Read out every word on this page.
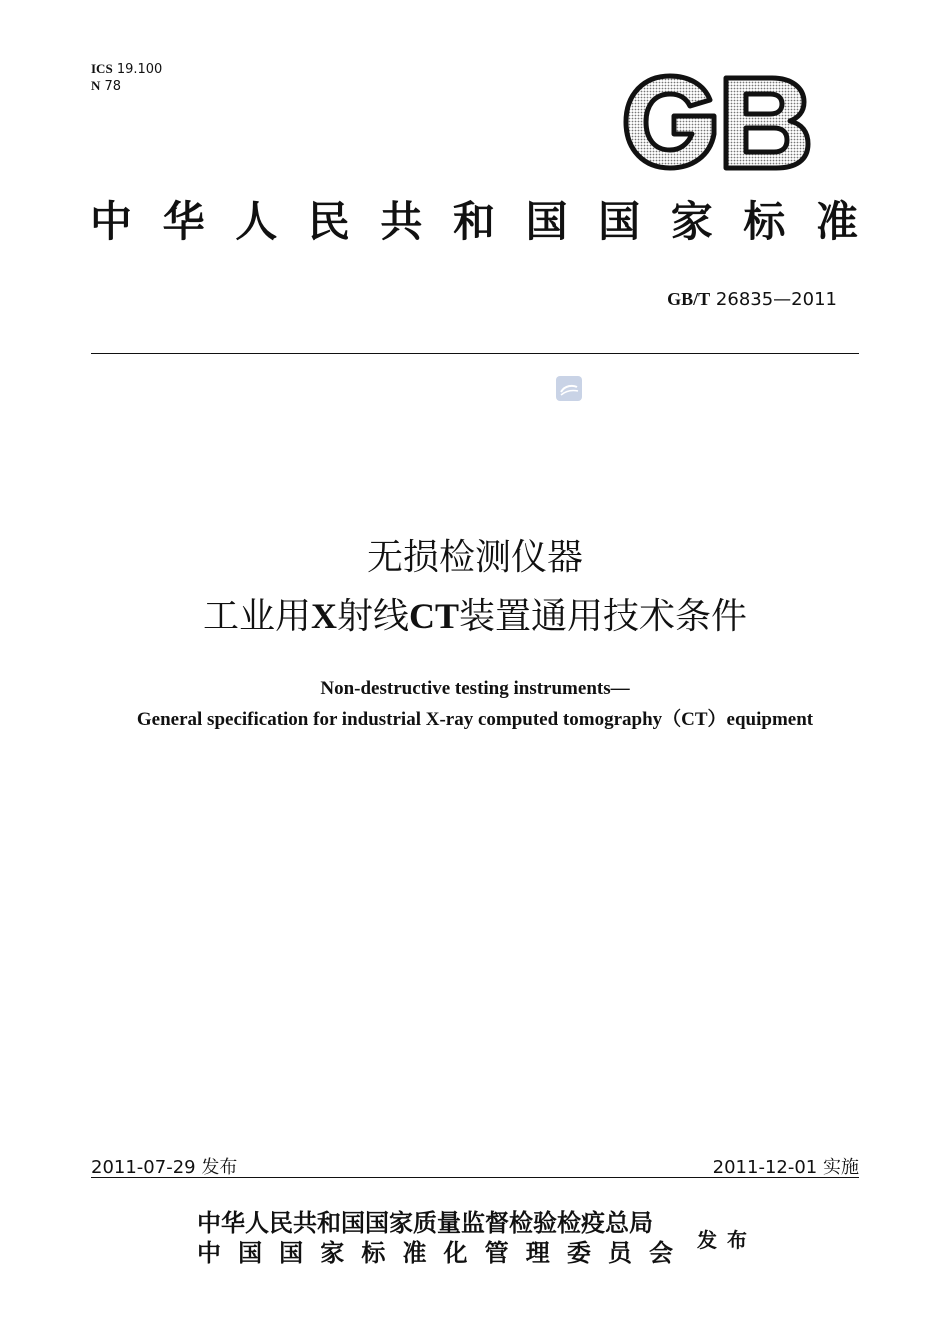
ICS 19.100
N 78
GB
中华人民共和国国家标准
GB/T 26835—2011
无损检测仪器
工业用X射线CT装置通用技术条件
Non-destructive testing instruments—
General specification for industrial X-ray computed tomography（CT）equipment
2011-07-29 发布	2011-12-01 实施
中华人民共和国国家质量监督检验检疫总局
中国国家标准化管理委员会 发布
